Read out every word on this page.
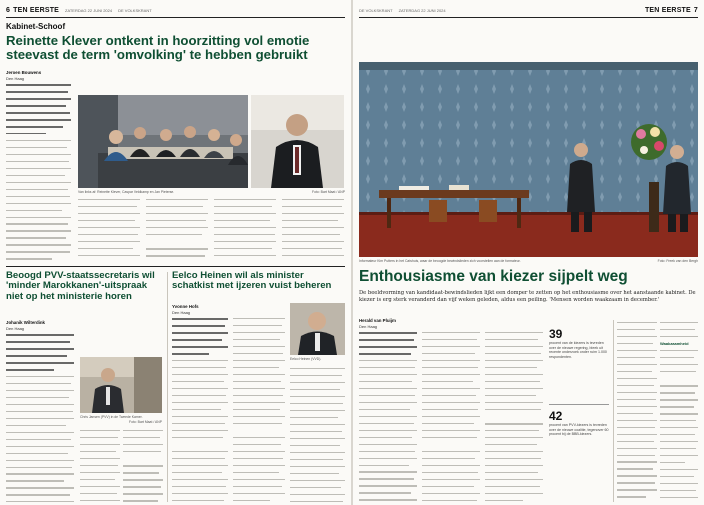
6 TEN EERSTE ZATERDAG 22 JUNI 2024 DE VOLKSKRANT
Kabinet-Schoof
Reinette Klever ontkent in hoorzitting vol emotie steevast de term 'omvolking' te hebben gebruikt
Jeroen Bouwens
Den Haag
Van links af: Reinette Klever, Caspar Veldkamp en Jan Pieterse.	Foto: Bart Maat / ANP
Beoogd PVV-staatssecretaris wil 'minder Marokkanen'-uitspraak niet op het ministerie horen
Johanik Wilterdink
Den Haag
Chris Jansen (PVV) in de Tweede Kamer.
Foto: Bart Maat / ANP
Eelco Heinen wil als minister schatkist met ijzeren vuist beheren
Yvonne Hofs
Den Haag
Eelco Heinen (VVD).
DE VOLKSKRANT ZATERDAG 22 JUNI 2024	TEN EERSTE 7
Informateur Kim Putters in het Catshuis, waar de beoogde bewindslieden zich voorstellen aan de formateur.	Foto: Freek van den Bergh
Enthousiasme van kiezer sijpelt weg
De beeldvorming van kandidaat-bewindslieden lijkt een domper te zetten op het enthousiasme over het aanstaande kabinet. De kiezer is erg sterk veranderd dan vijf weken geleden, aldus een peiling. 'Mensen worden waakzaam in december.'
Herald van Pluijm
Den Haag
39
procent van de kiezers is tevreden over de nieuwe regering, bleek uit recente onderzoek onder ruim 1.000 respondenten.
42
procent van PVV-kiezers is tevreden over de nieuwe coalitie, tegenover 60 procent bij de BBB-kiezers.
Waakzaamheid
